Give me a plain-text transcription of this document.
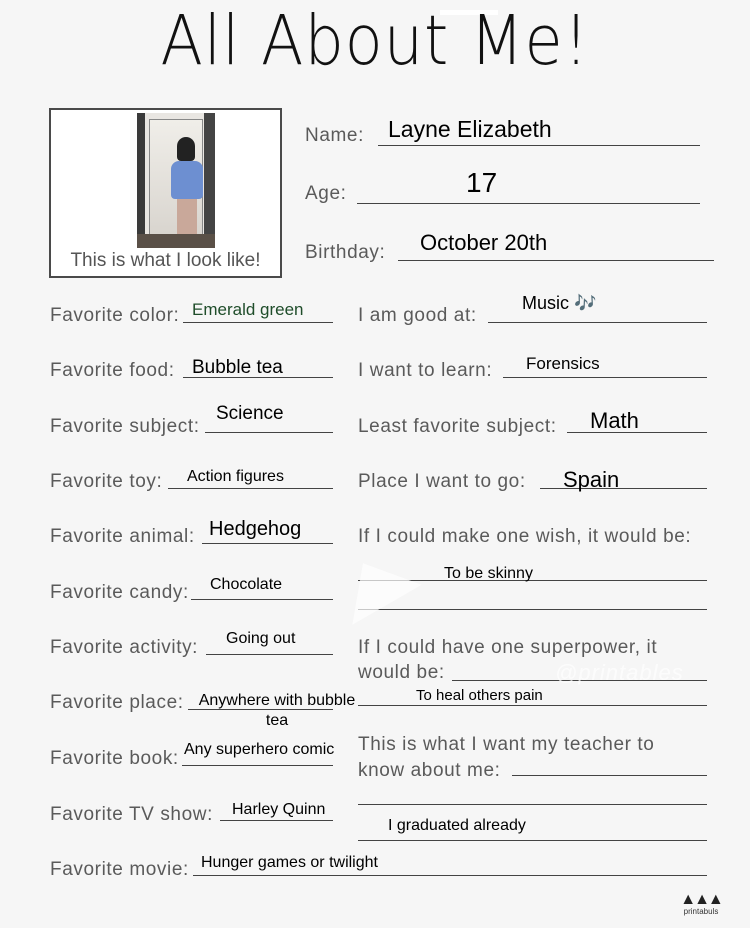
All About Me!
This is what I look like!
Name: Layne Elizabeth
Age:	17
Birthday: October 20th
Favorite color: Emerald green
Favorite food: Bubble tea
Favorite subject:
Science
Favorite toy: Action figures
Favorite animal: Hedgehog
Favorite candy: Chocolate
Favorite activity: Going out
Favorite place: Anywhere with bubble
tea
Favorite book: Any superhero comic
Favorite TV show: Harley Quinn
Favorite movie: Hunger games or twilight
I am good at:
Music 🎶
I want to learn: Forensics
Least favorite subject: Math
Place I want to go: Spain
If I could make one wish, it would be:
To be skinny
If I could have one superpower, it
would be:
To heal others pain
This is what I want my teacher to
know about me:
I graduated already
@printables
▲▲▲
printabuls
